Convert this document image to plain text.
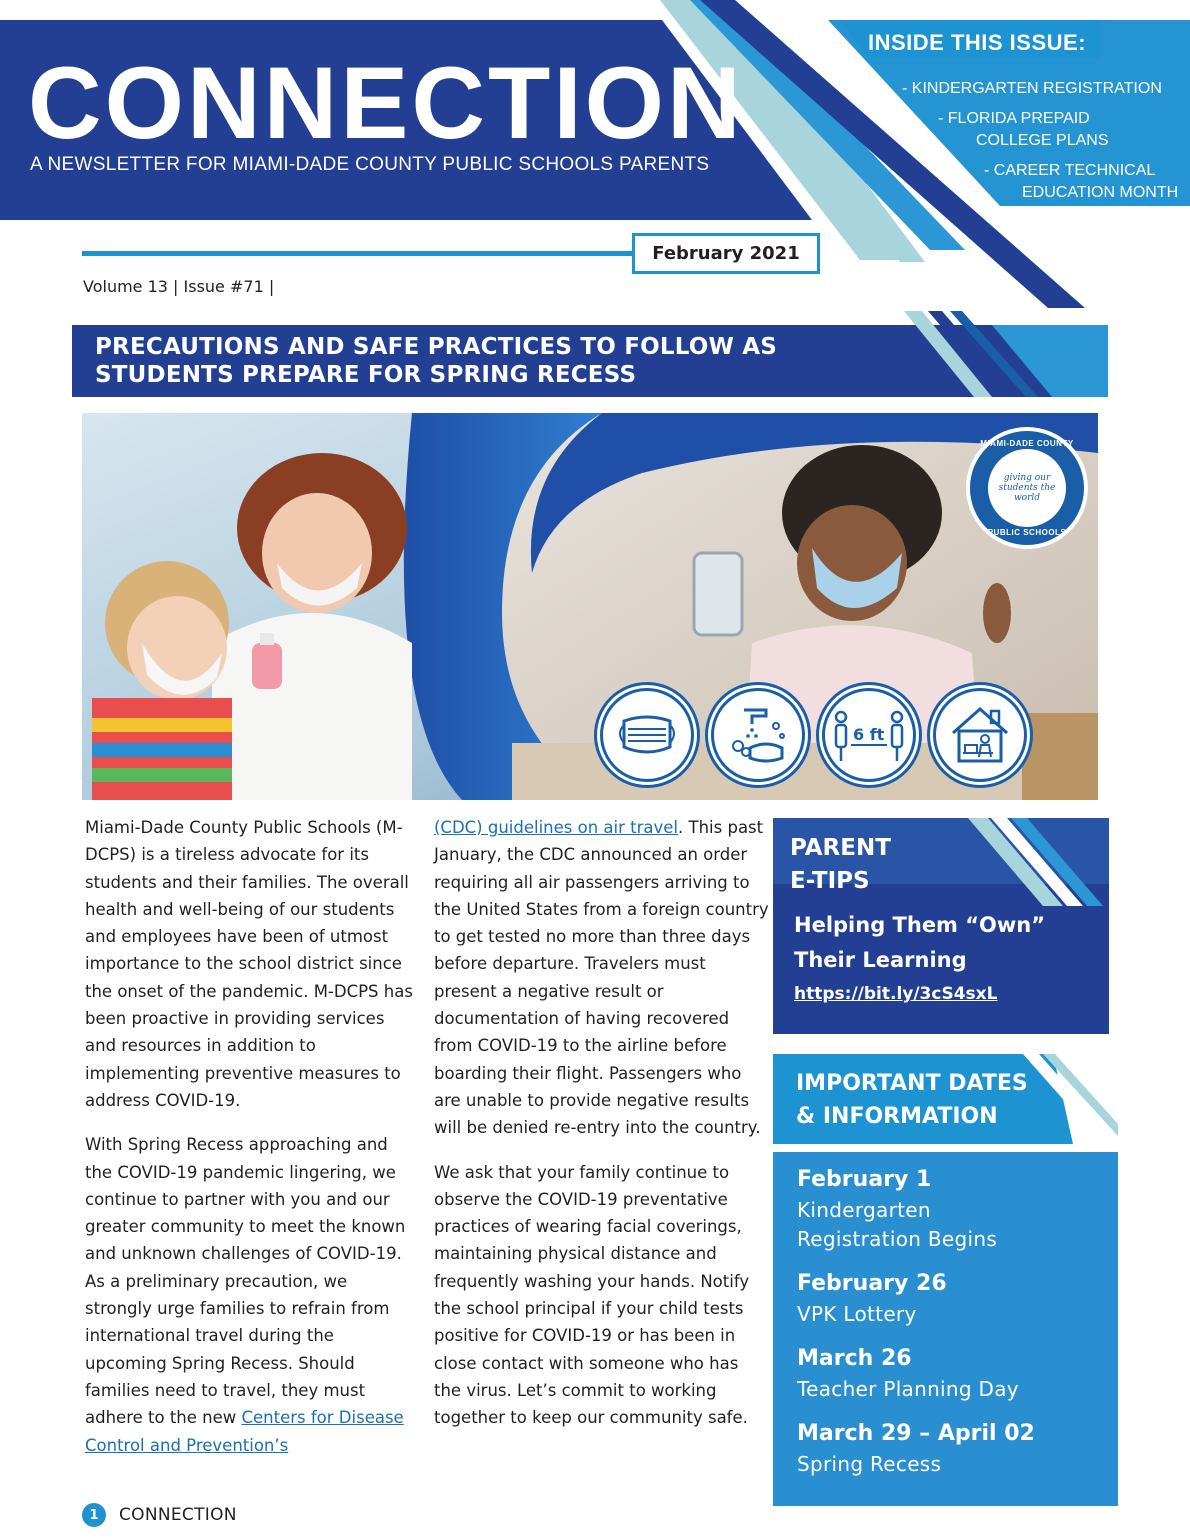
CONNECTION
A NEWSLETTER FOR MIAMI-DADE COUNTY PUBLIC SCHOOLS PARENTS
INSIDE THIS ISSUE:
- KINDERGARTEN REGISTRATION
- FLORIDA PREPAID
COLLEGE PLANS
- CAREER TECHNICAL
EDUCATION MONTH
February 2021
Volume 13 | Issue #71 |
PRECAUTIONS AND SAFE PRACTICES TO FOLLOW AS
STUDENTS PREPARE FOR SPRING RECESS
MIAMI-DADE COUNTY
giving our students the world
PUBLIC SCHOOLS
6 ft

Miami-Dade County Public Schools (M-DCPS) is a tireless advocate for its students and their families. The overall health and well-being of our students and employees have been of utmost importance to the school district since the onset of the pandemic. M-DCPS has been proactive in providing services and resources in addition to implementing preventive measures to address COVID-19.

With Spring Recess approaching and the COVID-19 pandemic lingering, we continue to partner with you and our greater community to meet the known and unknown challenges of COVID-19. As a preliminary precaution, we strongly urge families to refrain from international travel during the upcoming Spring Recess. Should families need to travel, they must adhere to the new Centers for Disease Control and Prevention’s

(CDC) guidelines on air travel. This past January, the CDC announced an order requiring all air passengers arriving to the United States from a foreign country to get tested no more than three days before departure. Travelers must present a negative result or documentation of having recovered from COVID-19 to the airline before boarding their flight. Passengers who are unable to provide negative results will be denied re-entry into the country.

We ask that your family continue to observe the COVID-19 preventative practices of wearing facial coverings, maintaining physical distance and frequently washing your hands. Notify the school principal if your child tests positive for COVID-19 or has been in close contact with someone who has the virus. Let’s commit to working together to keep our community safe.

PARENT
E-TIPS
Helping Them “Own”
Their Learning
https://bit.ly/3cS4sxL
IMPORTANT DATES
& INFORMATION
February 1
Kindergarten
Registration Begins
February 26
VPK Lottery
March 26
Teacher Planning Day
March 29 – April 02
Spring Recess
1	CONNECTION
